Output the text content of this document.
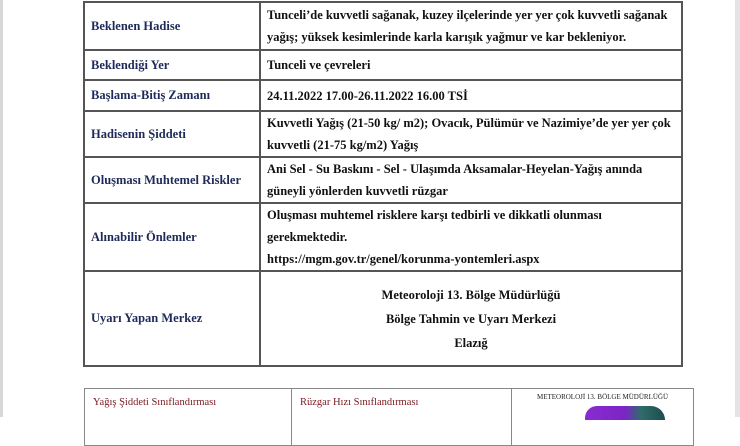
Beklenen Hadise	Tunceli’de kuvvetli sağanak, kuzey ilçelerinde yer yer çok kuvvetli sağanak yağış; yüksek kesimlerinde karla karışık yağmur ve kar bekleniyor.
Beklendiği Yer	Tunceli ve çevreleri
Başlama-Bitiş Zamanı	24.11.2022 17.00-26.11.2022 16.00 TSİ
Hadisenin Şiddeti	Kuvvetli Yağış (21-50 kg/ m2); Ovacık, Pülümür ve Nazimiye’de yer yer çok kuvvetli (21-75 kg/m2) Yağış
Oluşması Muhtemel Riskler	Ani Sel - Su Baskını - Sel - Ulaşımda Aksamalar-Heyelan-Yağış anında güneyli yönlerden kuvvetli rüzgar
Alınabilir Önlemler	Oluşması muhtemel risklere karşı tedbirli ve dikkatli olunması gerekmektedir.
https://mgm.gov.tr/genel/korunma-yontemleri.aspx
Uyarı Yapan Merkez	Meteoroloji 13. Bölge Müdürlüğü
Bölge Tahmin ve Uyarı Merkezi
Elazığ
Yağış Şiddeti Sınıflandırması	Rüzgar Hızı Sınıflandırması	METEOROLOJİ 13. BÖLGE MÜDÜRLÜĞÜ
